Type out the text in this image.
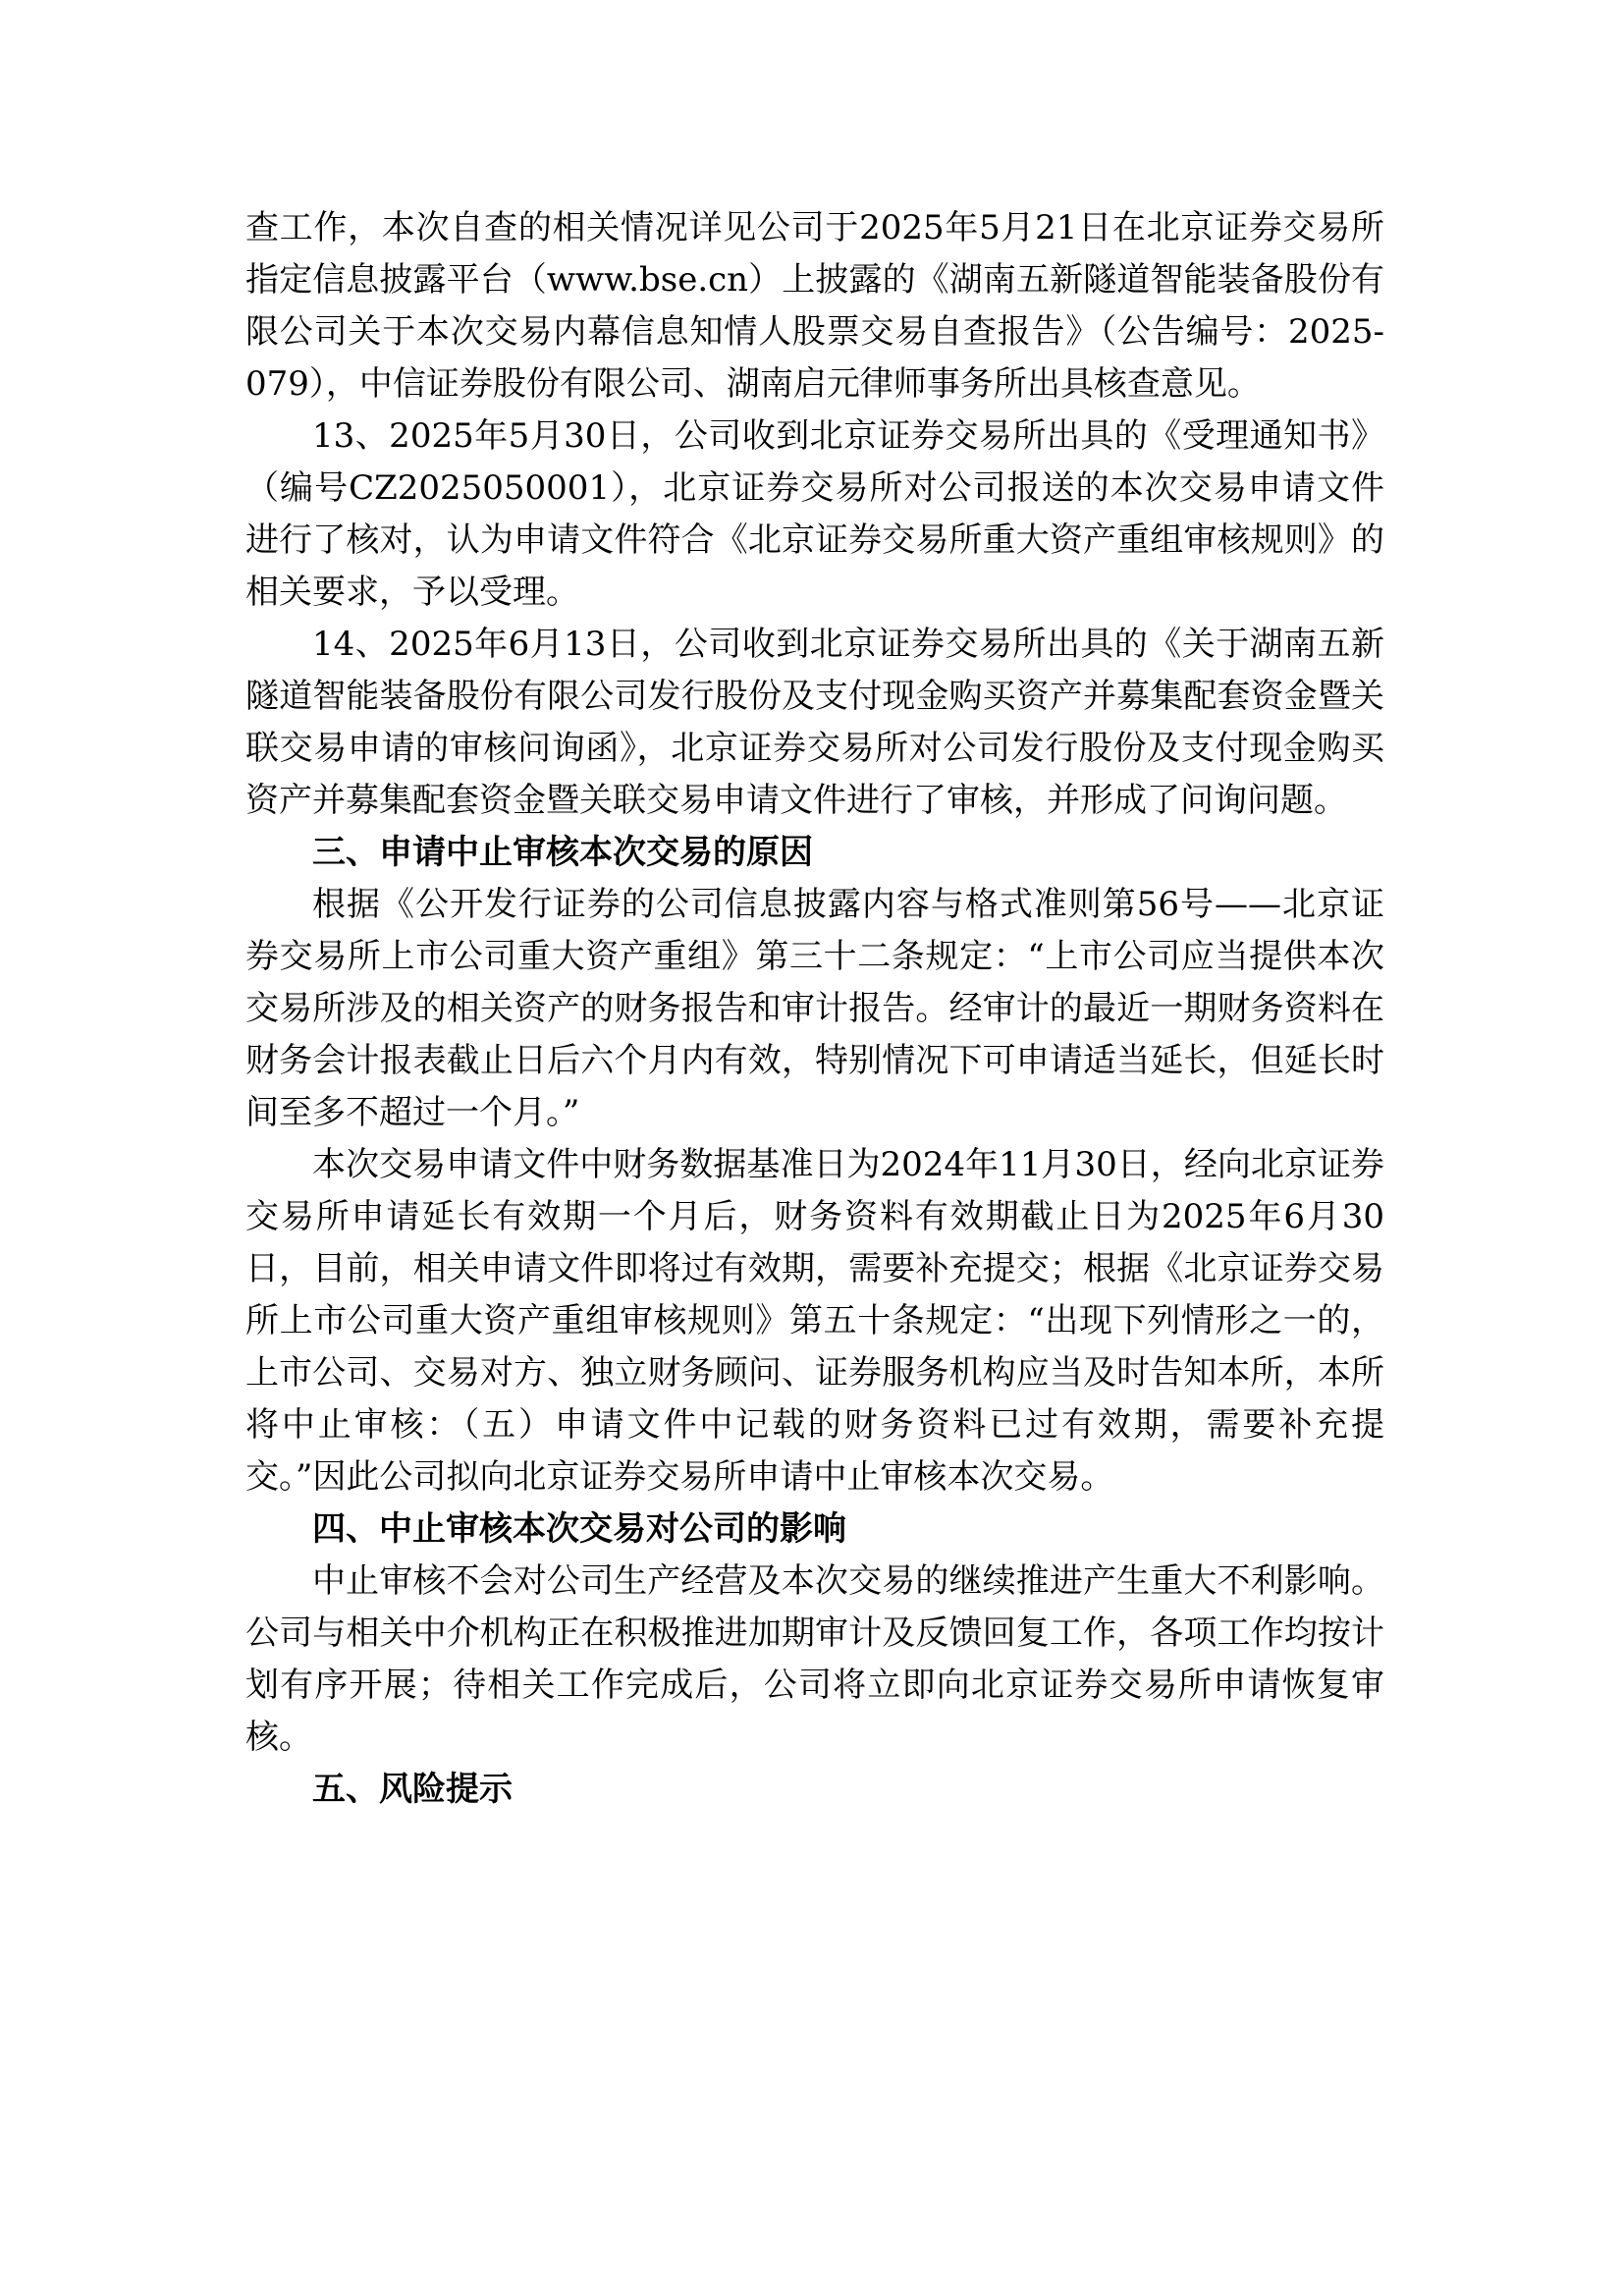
查工作，本次自查的相关情况详见公司于2025年5月21日在北京证券交易所指定信息披露平台（www.bse.cn）上披露的《湖南五新隧道智能装备股份有限公司关于本次交易内幕信息知情人股票交易自查报告》（公告编号：2025-079），中信证券股份有限公司、湖南启元律师事务所出具核查意见。

13、2025年5月30日，公司收到北京证券交易所出具的《受理通知书》（编号CZ2025050001），北京证券交易所对公司报送的本次交易申请文件进行了核对，认为申请文件符合《北京证券交易所重大资产重组审核规则》的相关要求，予以受理。

14、2025年6月13日，公司收到北京证券交易所出具的《关于湖南五新隧道智能装备股份有限公司发行股份及支付现金购买资产并募集配套资金暨关联交易申请的审核问询函》，北京证券交易所对公司发行股份及支付现金购买资产并募集配套资金暨关联交易申请文件进行了审核，并形成了问询问题。

三、申请中止审核本次交易的原因

根据《公开发行证券的公司信息披露内容与格式准则第56号——北京证券交易所上市公司重大资产重组》第三十二条规定：“上市公司应当提供本次交易所涉及的相关资产的财务报告和审计报告。经审计的最近一期财务资料在财务会计报表截止日后六个月内有效，特别情况下可申请适当延长，但延长时间至多不超过一个月。”

本次交易申请文件中财务数据基准日为2024年11月30日，经向北京证券交易所申请延长有效期一个月后，财务资料有效期截止日为2025年6月30日，目前，相关申请文件即将过有效期，需要补充提交；根据《北京证券交易所上市公司重大资产重组审核规则》第五十条规定：“出现下列情形之一的，上市公司、交易对方、独立财务顾问、证券服务机构应当及时告知本所，本所将中止审核：（五）申请文件中记载的财务资料已过有效期，需要补充提交。”因此公司拟向北京证券交易所申请中止审核本次交易。

四、中止审核本次交易对公司的影响

中止审核不会对公司生产经营及本次交易的继续推进产生重大不利影响。公司与相关中介机构正在积极推进加期审计及反馈回复工作，各项工作均按计划有序开展；待相关工作完成后，公司将立即向北京证券交易所申请恢复审核。

五、风险提示
